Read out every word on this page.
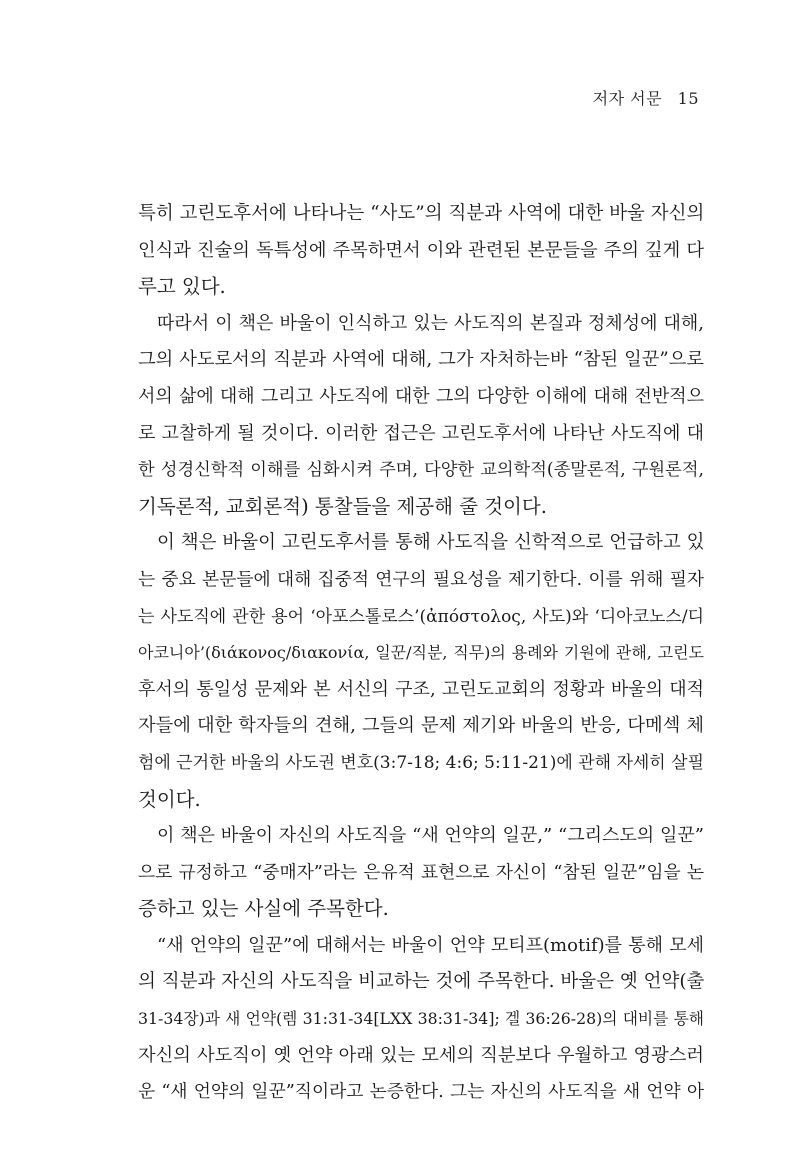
저자 서문 15
특히 고린도후서에 나타나는 “사도”의 직분과 사역에 대한 바울 자신의
인식과 진술의 독특성에 주목하면서 이와 관련된 본문들을 주의 깊게 다
루고 있다.
따라서 이 책은 바울이 인식하고 있는 사도직의 본질과 정체성에 대해,
그의 사도로서의 직분과 사역에 대해, 그가 자처하는바 “참된 일꾼”으로
서의 삶에 대해 그리고 사도직에 대한 그의 다양한 이해에 대해 전반적으
로 고찰하게 될 것이다. 이러한 접근은 고린도후서에 나타난 사도직에 대
한 성경신학적 이해를 심화시켜 주며, 다양한 교의학적(종말론적, 구원론적,
기독론적, 교회론적) 통찰들을 제공해 줄 것이다.
이 책은 바울이 고린도후서를 통해 사도직을 신학적으로 언급하고 있
는 중요 본문들에 대해 집중적 연구의 필요성을 제기한다. 이를 위해 필자
는 사도직에 관한 용어 ‘아포스톨로스’(ἀπόστολος, 사도)와 ‘디아코노스/디
아코니아’(διάκονος/διακονία, 일꾼/직분, 직무)의 용례와 기원에 관해, 고린도
후서의 통일성 문제와 본 서신의 구조, 고린도교회의 정황과 바울의 대적
자들에 대한 학자들의 견해, 그들의 문제 제기와 바울의 반응, 다메섹 체
험에 근거한 바울의 사도권 변호(3:7-18; 4:6; 5:11-21)에 관해 자세히 살필
것이다.
이 책은 바울이 자신의 사도직을 “새 언약의 일꾼,” “그리스도의 일꾼”
으로 규정하고 “중매자”라는 은유적 표현으로 자신이 “참된 일꾼”임을 논
증하고 있는 사실에 주목한다.
“새 언약의 일꾼”에 대해서는 바울이 언약 모티프(motif)를 통해 모세
의 직분과 자신의 사도직을 비교하는 것에 주목한다. 바울은 옛 언약(출
31-34장)과 새 언약(렘 31:31-34[LXX 38:31-34]; 겔 36:26-28)의 대비를 통해
자신의 사도직이 옛 언약 아래 있는 모세의 직분보다 우월하고 영광스러
운 “새 언약의 일꾼”직이라고 논증한다. 그는 자신의 사도직을 새 언약 아
